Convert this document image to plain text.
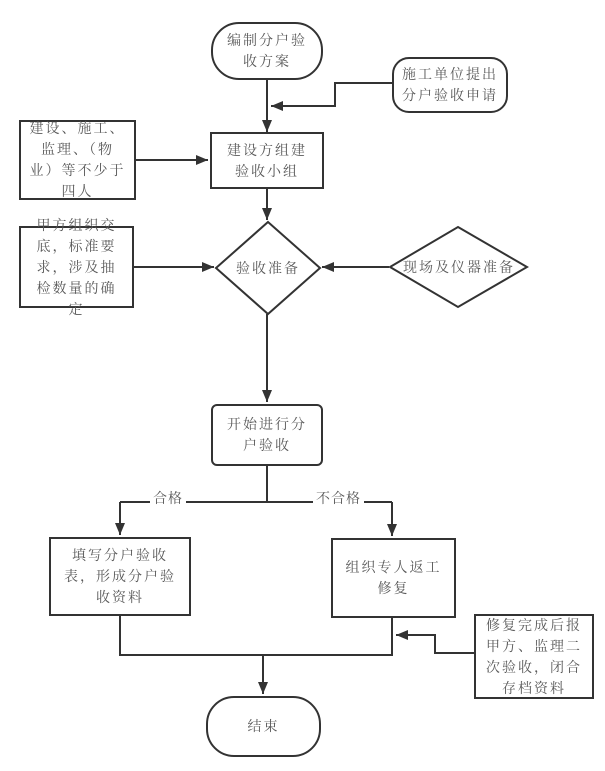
编制分户验收方案
施工单位提出分户验收申请
建设、施工、监理、（物业）等不少于四人
建设方组建验收小组
甲方组织交底，标准要求，涉及抽检数量的确定
验收准备	现场及仪器准备
开始进行分户验收
填写分户验收表，形成分户验收资料
组织专人返工修复
修复完成后报甲方、监理二次验收，闭合存档资料
结束
合格	不合格
